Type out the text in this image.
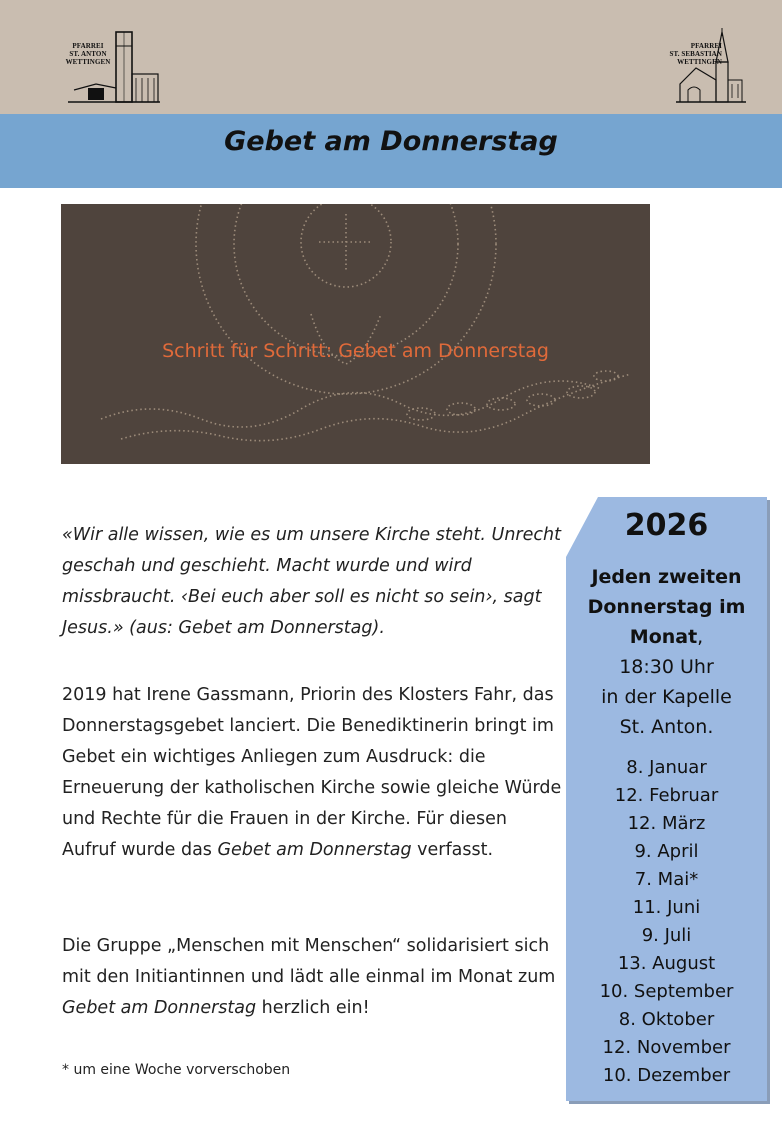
PFARREI
ST. ANTON
WETTINGEN
PFARREI
ST. SEBASTIAN
WETTINGEN
Gebet am Donnerstag
Schritt für Schritt: Gebet am Donnerstag
«Wir alle wissen, wie es um unsere Kirche steht. Unrecht geschah und geschieht. Macht wurde und wird missbraucht. ‹Bei euch aber soll es nicht so sein›, sagt Jesus.» (aus: Gebet am Donnerstag).
2019 hat Irene Gassmann, Priorin des Klosters Fahr, das Donnerstagsgebet lanciert. Die Benediktinerin bringt im Gebet ein wichtiges Anliegen zum Ausdruck: die Erneuerung der katholischen Kirche sowie gleiche Würde und Rechte für die Frauen in der Kirche. Für diesen Aufruf wurde das Gebet am Donnerstag verfasst.
Die Gruppe „Menschen mit Menschen“ solidarisiert sich mit den Initiantinnen und lädt alle einmal im Monat zum Gebet am Donnerstag herzlich ein!
* um eine Woche vorverschoben
2026
Jeden zweiten
Donnerstag im
Monat,
18:30 Uhr
in der Kapelle
St. Anton.
8. Januar
12. Februar
12. März
9. April
7. Mai*
11. Juni
9. Juli
13. August
10. September
8. Oktober
12. November
10. Dezember
